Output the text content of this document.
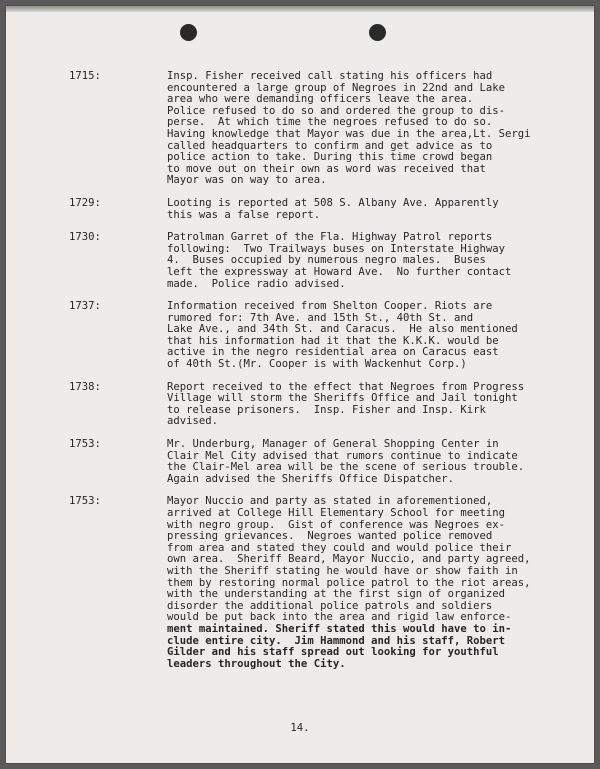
1715:	Insp. Fisher received call stating his officers had
encountered a large group of Negroes in 22nd and Lake
area who were demanding officers leave the area.
Police refused to do so and ordered the group to dis-
perse.  At which time the negroes refused to do so.
Having knowledge that Mayor was due in the area,Lt. Sergi
called headquarters to confirm and get advice as to
police action to take. During this time crowd began
to move out on their own as word was received that
Mayor was on way to area.
1729:	Looting is reported at 508 S. Albany Ave. Apparently
this was a false report.
1730:	Patrolman Garret of the Fla. Highway Patrol reports
following:  Two Trailways buses on Interstate Highway
4.  Buses occupied by numerous negro males.  Buses
left the expressway at Howard Ave.  No further contact
made.  Police radio advised.
1737:	Information received from Shelton Cooper. Riots are
rumored for: 7th Ave. and 15th St., 40th St. and
Lake Ave., and 34th St. and Caracus.  He also mentioned
that his information had it that the K.K.K. would be
active in the negro residential area on Caracus east
of 40th St.(Mr. Cooper is with Wackenhut Corp.)
1738:	Report received to the effect that Negroes from Progress
Village will storm the Sheriffs Office and Jail tonight
to release prisoners.  Insp. Fisher and Insp. Kirk
advised.
1753:	Mr. Underburg, Manager of General Shopping Center in
Clair Mel City advised that rumors continue to indicate
the Clair-Mel area will be the scene of serious trouble.
Again advised the Sheriffs Office Dispatcher.
1753:	Mayor Nuccio and party as stated in aforementioned,
arrived at College Hill Elementary School for meeting
with negro group.  Gist of conference was Negroes ex-
pressing grievances.  Negroes wanted police removed
from area and stated they could and would police their
own area.  Sheriff Beard, Mayor Nuccio, and party agreed,
with the Sheriff stating he would have or show faith in
them by restoring normal police patrol to the riot areas,
with the understanding at the first sign of organized
disorder the additional police patrols and soldiers
would be put back into the area and rigid law enforce-
ment maintained. Sheriff stated this would have to in-
clude entire city.  Jim Hammond and his staff, Robert
Gilder and his staff spread out looking for youthful
leaders throughout the City.
14.
